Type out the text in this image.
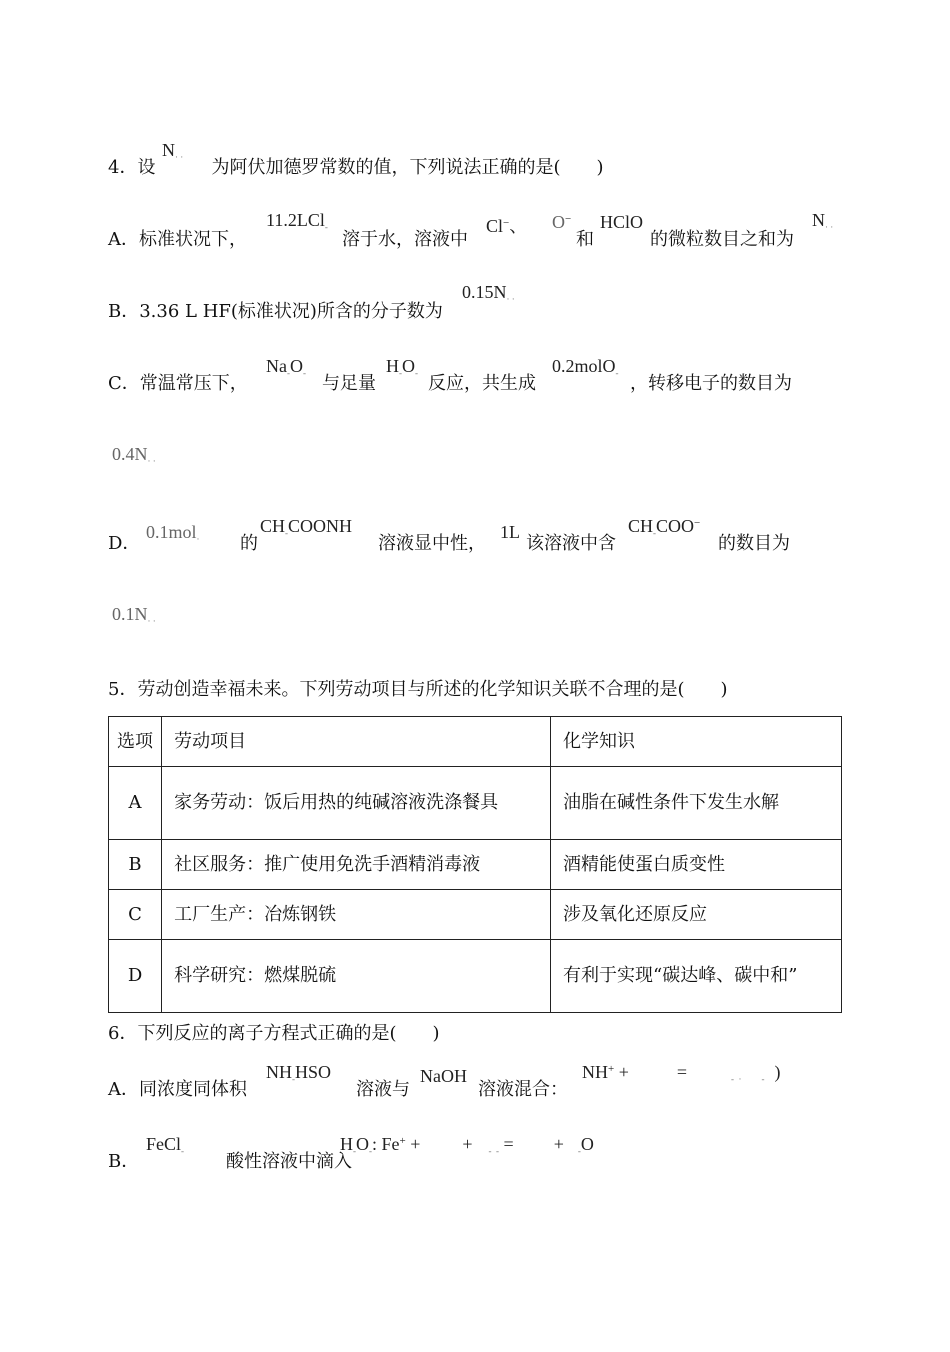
4．设	为阿伏加德罗常数的值，下列说法正确的是(　　)
$N_{\cdot \cdot}$
A．标准状况下，
11.2LCl$_-$
溶于水，溶液中
Cl−、 O−
和
HClO
的微粒数目之和为
$N_{\cdot \cdot}$
B．3.36 L HF(标准状况)所含的分子数为
$0.15N_{\cdot \cdot}$
C．常温常压下，
$Na_-O_-$ 与足量
$H_-O_-$ 反应，共生成
0.2molO$_-$ ，转移电子的数目为
$0.4N_{\cdot \cdot}$
D．
0.1mol$_\cdot$ 的
$CH_-COONH$
溶液显中性，
1L
该溶液中含
$CH_-COO^-$
的数目为
$0.1N_{\cdot \cdot}$
5．劳动创造幸福未来。下列劳动项目与所述的化学知识关联不合理的是(　　)
选项	劳动项目	化学知识
A	家务劳动：饭后用热的纯碱溶液洗涤餐具	油脂在碱性条件下发生水解
B	社区服务：推广使用免洗手酒精消毒液	酒精能使蛋白质变性
C	工厂生产：冶炼钢铁	涉及氧化还原反应
D	科学研究：燃煤脱硫	有利于实现“碳达峰、碳中和”
6．下列反应的离子方程式正确的是(　　)
A．同浓度同体积
$NH_-HSO$
溶液与
NaOH
溶液混合：
NH+ +	=	$_-$ $_\cdot$ $_-$ )
B．
FeCl$_-$ 酸性溶液中滴入
$H_-O_-$: Fe+ + + $_-$ $_-$ = + $_-$O
